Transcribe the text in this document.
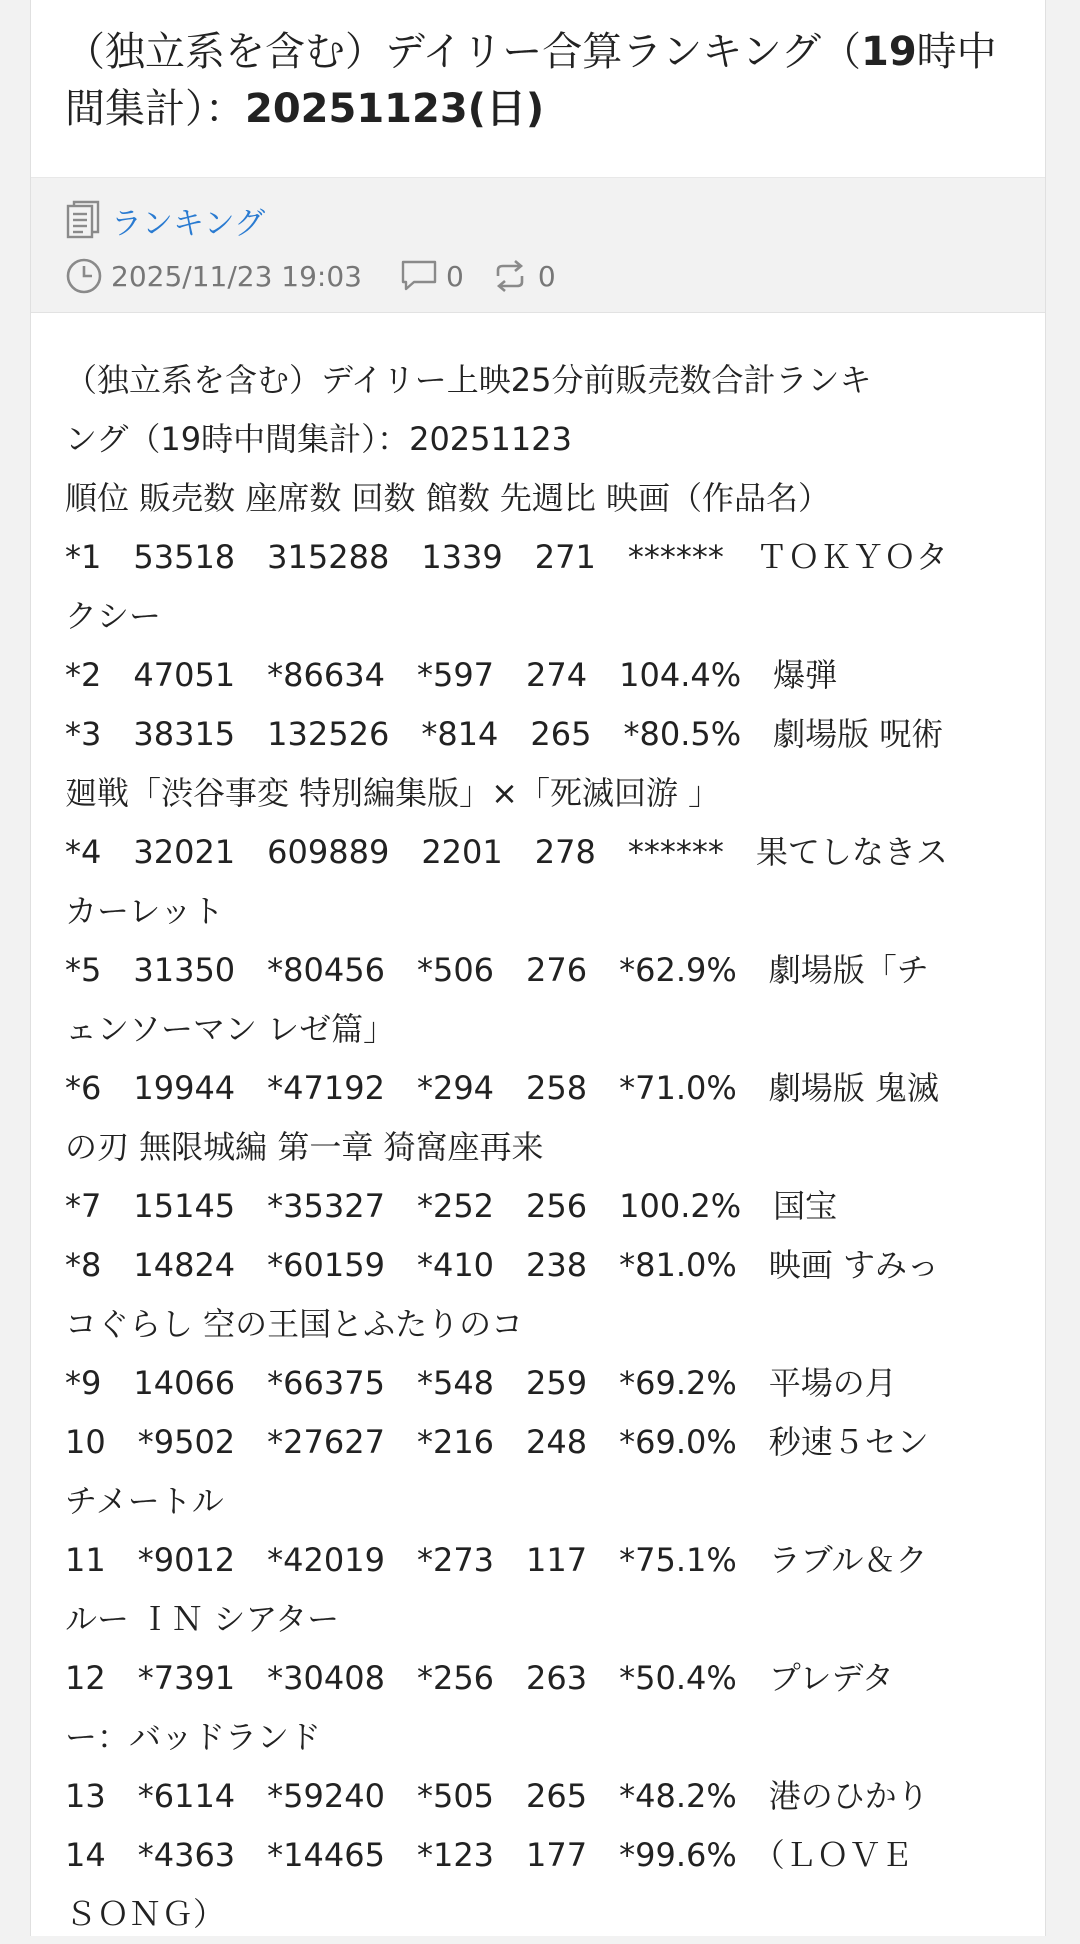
（独立系を含む）デイリー合算ランキング（19時中間集計）：20251123(日)
ランキング
2025/11/23 19:03	0	0
（独立系を含む）デイリー上映25分前販売数合計ランキ
ング（19時中間集計）：20251123
順位 販売数 座席数 回数 館数 先週比 映画（作品名）
*1　53518　315288　1339　271　******　ＴＯＫＹＯタ
クシー
*2　47051　*86634　*597　274　104.4%　爆弾
*3　38315　132526　*814　265　*80.5%　劇場版 呪術
廻戦「渋谷事変 特別編集版」×「死滅回游 」
*4　32021　609889　2201　278　******　果てしなきス
カーレット
*5　31350　*80456　*506　276　*62.9%　劇場版「チ
ェンソーマン レゼ篇」
*6　19944　*47192　*294　258　*71.0%　劇場版 鬼滅
の刃 無限城編 第一章 猗窩座再来
*7　15145　*35327　*252　256　100.2%　国宝
*8　14824　*60159　*410　238　*81.0%　映画 すみっ
コぐらし 空の王国とふたりのコ
*9　14066　*66375　*548　259　*69.2%　平場の月
10　*9502　*27627　*216　248　*69.0%　秒速５セン
チメートル
11　*9012　*42019　*273　117　*75.1%　ラブル＆ク
ルー ＩＮ シアター
12　*7391　*30408　*256　263　*50.4%　プレデタ
ー：バッドランド
13　*6114　*59240　*505　265　*48.2%　港のひかり
14　*4363　*14465　*123　177　*99.6%　（ＬＯＶＥ
ＳＯＮＧ）
